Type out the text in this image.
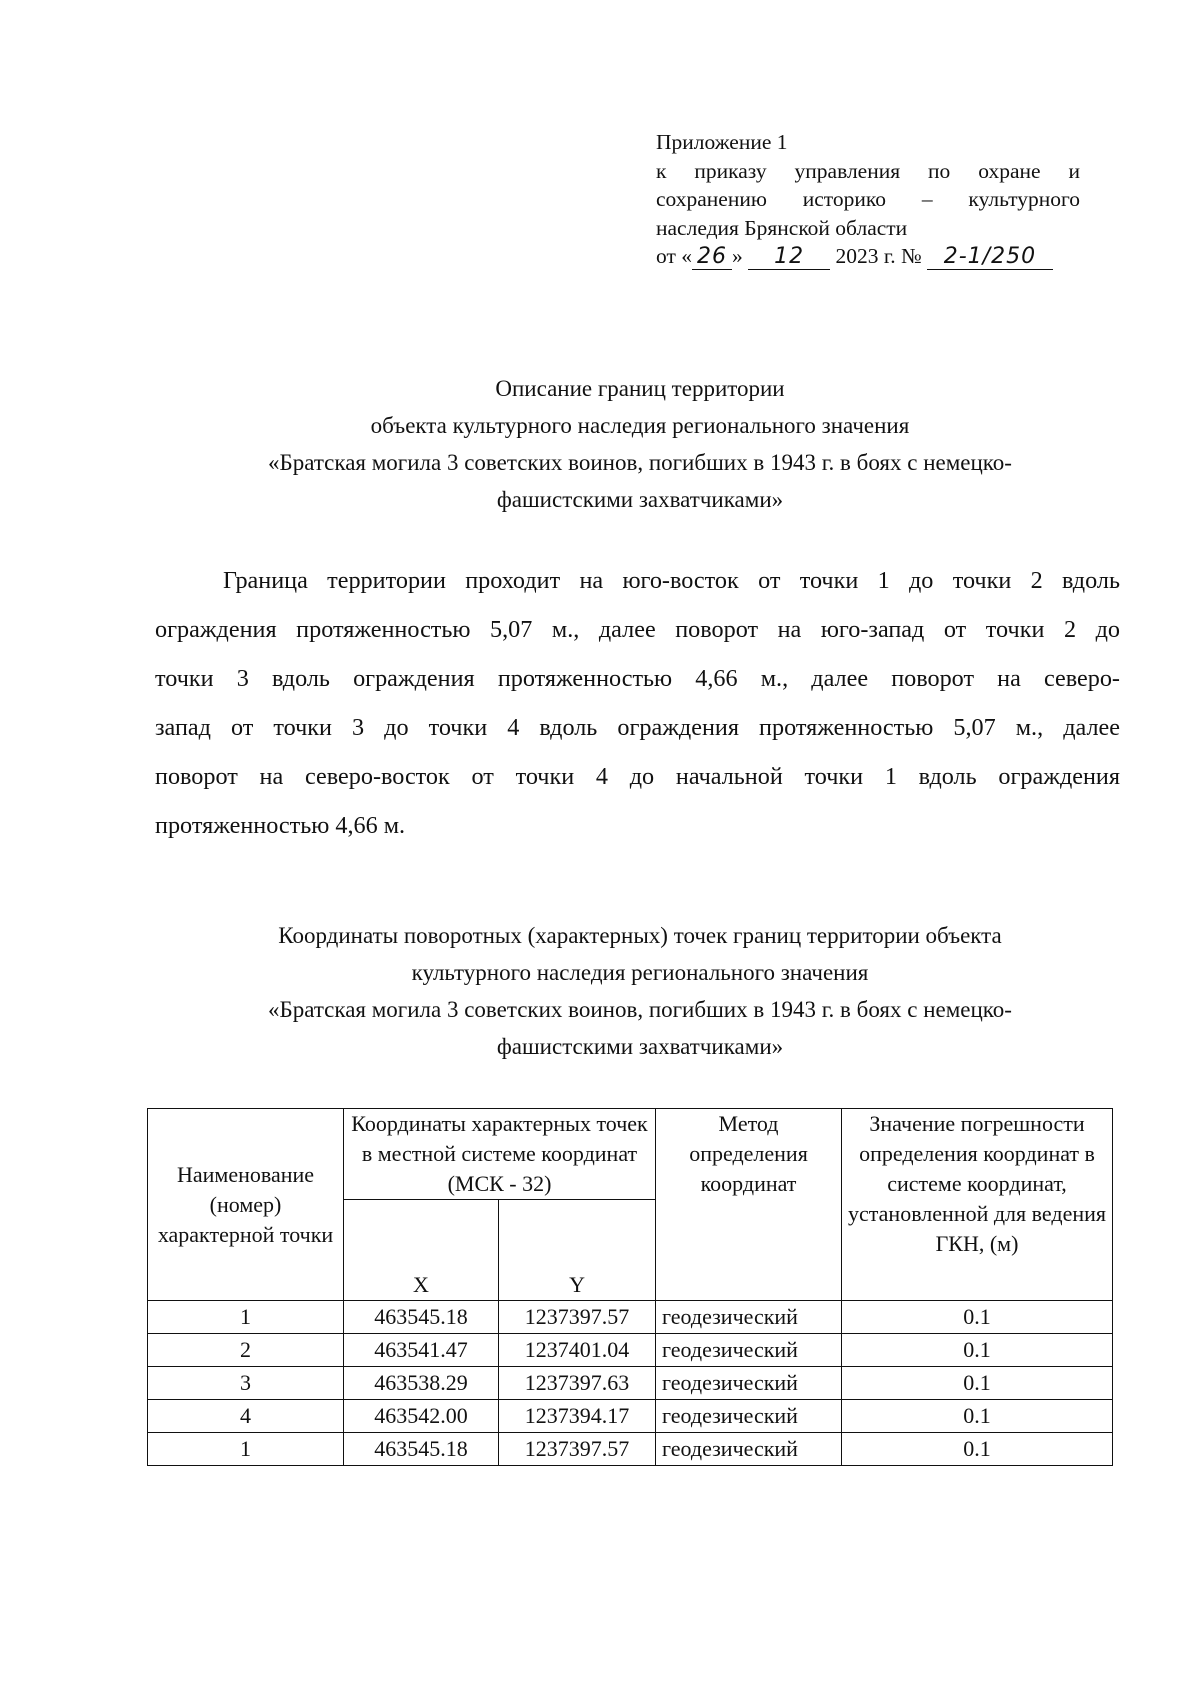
Приложение 1
к приказу управления по охране и
сохранению историко – культурного
наследия Брянской области
от « 26 » 12 2023 г. № 2-1/250
Описание границ территории
объекта культурного наследия регионального значения
«Братская могила 3 советских воинов, погибших в 1943 г. в боях с немецко-
фашистскими захватчиками»
Граница территории проходит на юго-восток от точки 1 до точки 2 вдоль
ограждения протяженностью 5,07 м., далее поворот на юго-запад от точки 2 до
точки 3 вдоль ограждения протяженностью 4,66 м., далее поворот на северо-
запад от точки 3 до точки 4 вдоль ограждения протяженностью 5,07 м., далее
поворот на северо-восток от точки 4 до начальной точки 1 вдоль ограждения
протяженностью 4,66 м.
Координаты поворотных (характерных) точек границ территории объекта
культурного наследия регионального значения
«Братская могила 3 советских воинов, погибших в 1943 г. в боях с немецко-
фашистскими захватчиками»
Наименование (номер) характерной точки	Координаты характерных точек в местной системе координат (МСК - 32)		Метод определения координат	Значение погрешности определения координат в системе координат, установленной для ведения ГКН, (м)
	X	Y		
1	463545.18	1237397.57	геодезический	0.1
2	463541.47	1237401.04	геодезический	0.1
3	463538.29	1237397.63	геодезический	0.1
4	463542.00	1237394.17	геодезический	0.1
1	463545.18	1237397.57	геодезический	0.1
